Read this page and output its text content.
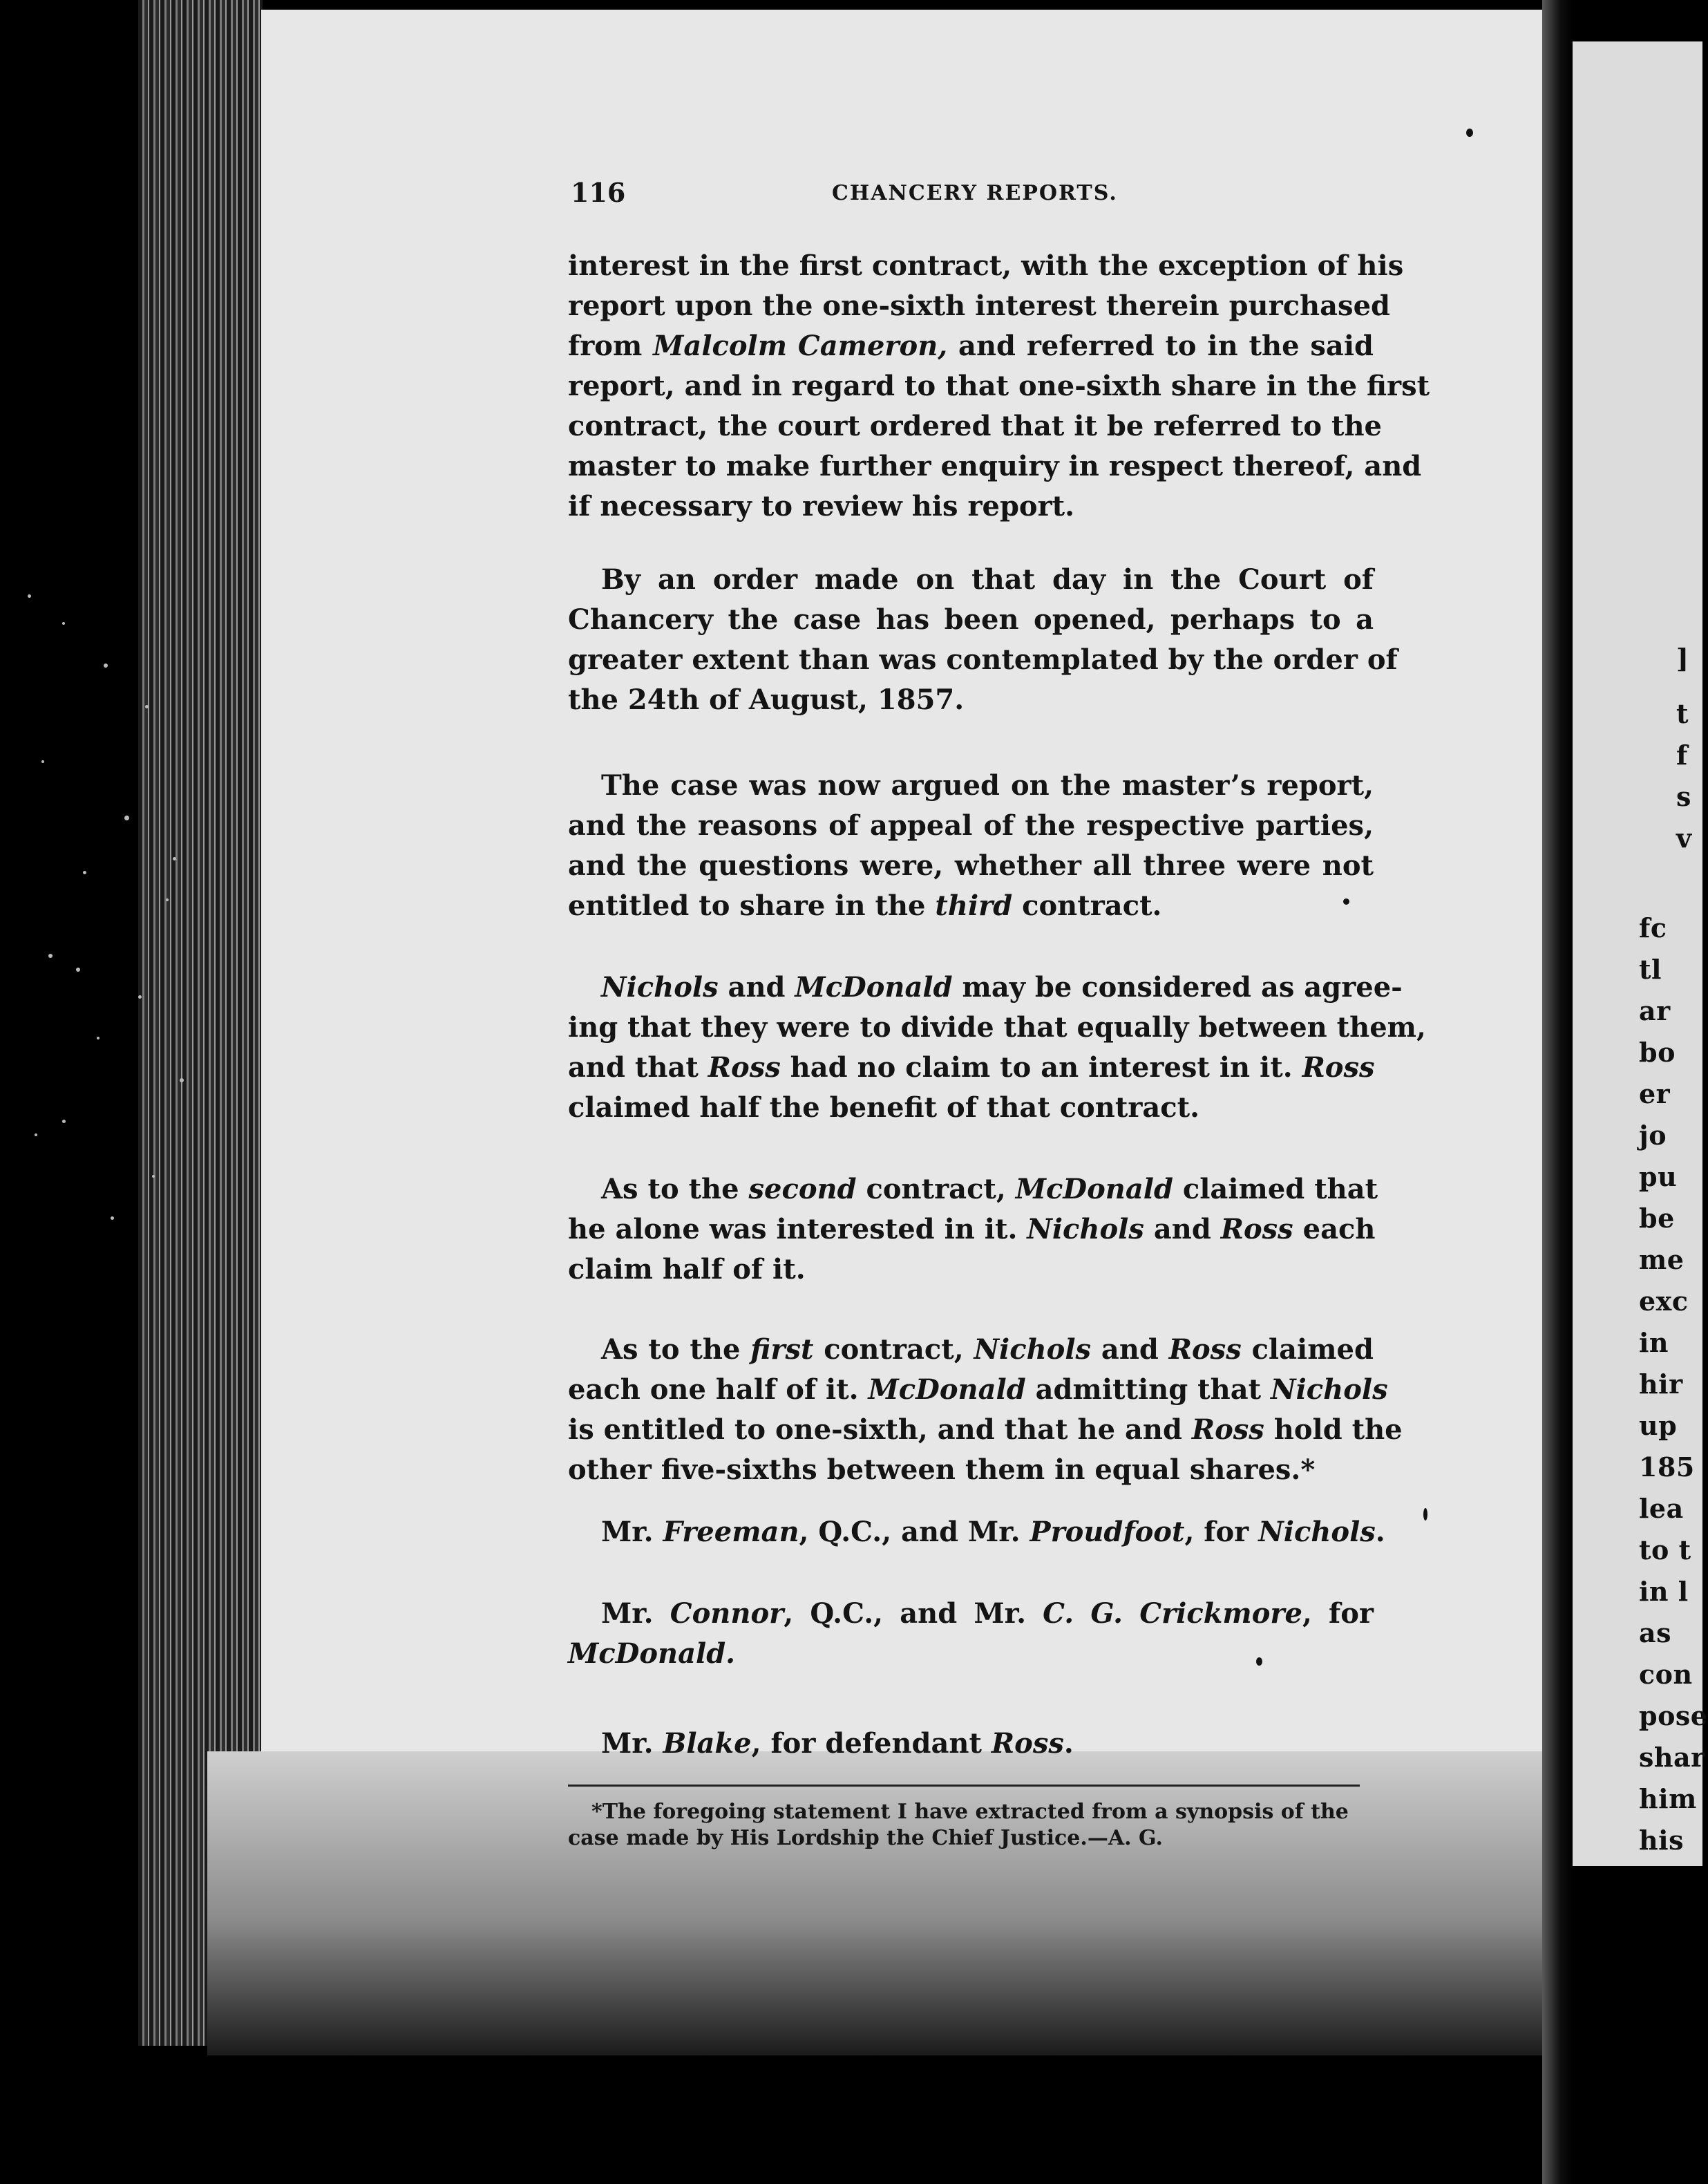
]
t
f
s
v
fc
tl
ar
bo
er
jo
pu
be
me
exc
in
hir
up
185
lea
to t
in l
as
con
pose
shar
him
his
116	CHANCERY REPORTS.
interest in the first contract, with the exception of his
report upon the one-sixth interest therein purchased
from Malcolm Cameron, and referred to in the said
report, and in regard to that one-sixth share in the first
contract, the court ordered that it be referred to the
master to make further enquiry in respect thereof, and
if necessary to review his report.
By an order made on that day in the Court of
Chancery the case has been opened, perhaps to a
greater extent than was contemplated by the order of
the 24th of August, 1857.
The case was now argued on the master’s report,
and the reasons of appeal of the respective parties,
and the questions were, whether all three were not
entitled to share in the third contract.
Nichols and McDonald may be considered as agree-
ing that they were to divide that equally between them,
and that Ross had no claim to an interest in it. Ross
claimed half the benefit of that contract.
As to the second contract, McDonald claimed that
he alone was interested in it. Nichols and Ross each
claim half of it.
As to the first contract, Nichols and Ross claimed
each one half of it. McDonald admitting that Nichols
is entitled to one-sixth, and that he and Ross hold the
other five-sixths between them in equal shares.*
Mr. Freeman, Q.C., and Mr. Proudfoot, for Nichols
Mr. Connor, Q.C., and Mr. C. G. Crickmore, for
McDonald.
Mr. Blake, for defendant Ross.
*The foregoing statement I have extracted from a synopsis of the
case made by His Lordship the Chief Justice.—A. G.
